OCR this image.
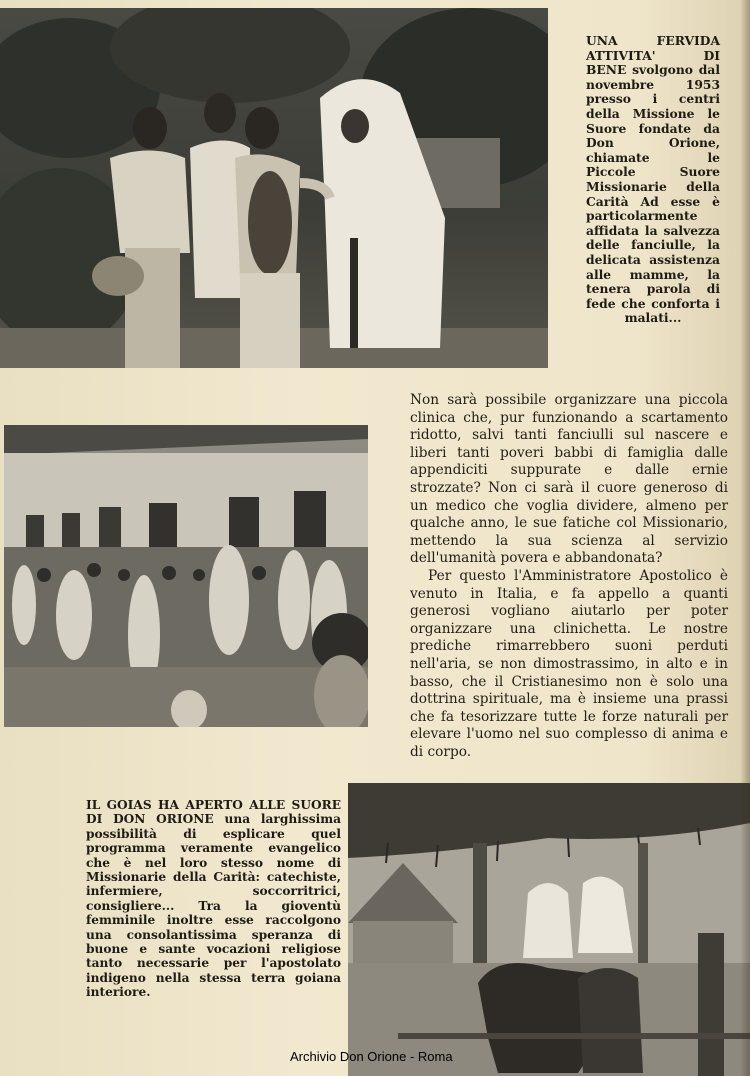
UNA FERVIDA ATTIVITA' DI BENE svolgono dal novembre 1953 presso i centri della Missione le Suore fondate da Don Orione, chiamate le Piccole Suore Missionarie della Carità Ad esse è particolarmente affidata la salvezza delle fanciulle, la delicata assistenza alle mamme, la tenera parola di fede che conforta i malati...

Non sarà possibile organizzare una piccola clinica che, pur funzionando a scartamento ridotto, salvi tanti fanciulli sul nascere e liberi tanti poveri babbi di famiglia dalle appendiciti suppurate e dalle ernie strozzate? Non ci sarà il cuore generoso di un medico che voglia dividere, almeno per qualche anno, le sue fatiche col Missionario, mettendo la sua scienza al servizio dell'umanità povera e abbandonata?

Per questo l'Amministratore Apostolico è venuto in Italia, e fa appello a quanti generosi vogliano aiutarlo per poter organizzare una clinichetta. Le nostre prediche rimarrebbero suoni perduti nell'aria, se non dimostrassimo, in alto e in basso, che il Cristianesimo non è solo una dottrina spirituale, ma è insieme una prassi che fa tesorizzare tutte le forze naturali per elevare l'uomo nel suo complesso di anima e di corpo.

IL GOIAS HA APERTO ALLE SUORE DI DON ORIONE una larghissima possibilità di esplicare quel programma veramente evangelico che è nel loro stesso nome di Missionarie della Carità: catechiste, infermiere, soccorritrici, consigliere... Tra la gioventù femminile inoltre esse raccolgono una consolantissima speranza di buone e sante vocazioni religiose tanto necessarie per l'apostolato indigeno nella stessa terra goiana interiore.
Archivio Don Orione - Roma
